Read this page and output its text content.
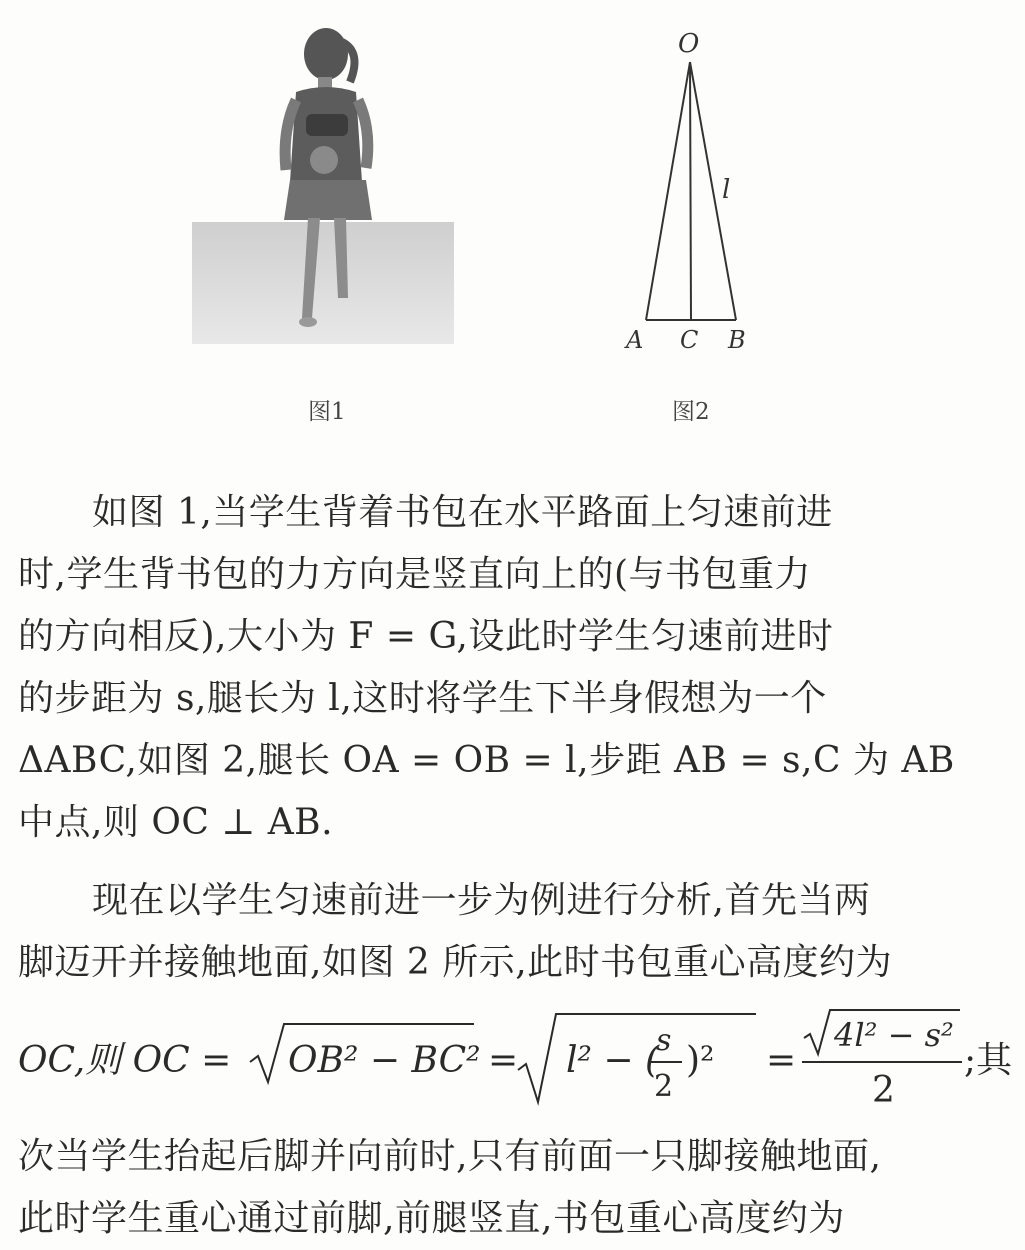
O
l
A C B
图1	图2
如图 1,当学生背着书包在水平路面上匀速前进
时,学生背书包的力方向是竖直向上的(与书包重力
的方向相反),大小为 F = G,设此时学生匀速前进时
的步距为 s,腿长为 l,这时将学生下半身假想为一个
ΔABC,如图 2,腿长 OA = OB = l,步距 AB = s,C 为 AB
中点,则 OC ⊥ AB.
现在以学生匀速前进一步为例进行分析,首先当两
脚迈开并接触地面,如图 2 所示,此时书包重心高度约为
OC,则 OC = OB² − BC² = l² − (
s
2
)² =
4l² − s²
2
;其
次当学生抬起后脚并向前时,只有前面一只脚接触地面,
此时学生重心通过前脚,前腿竖直,书包重心高度约为
